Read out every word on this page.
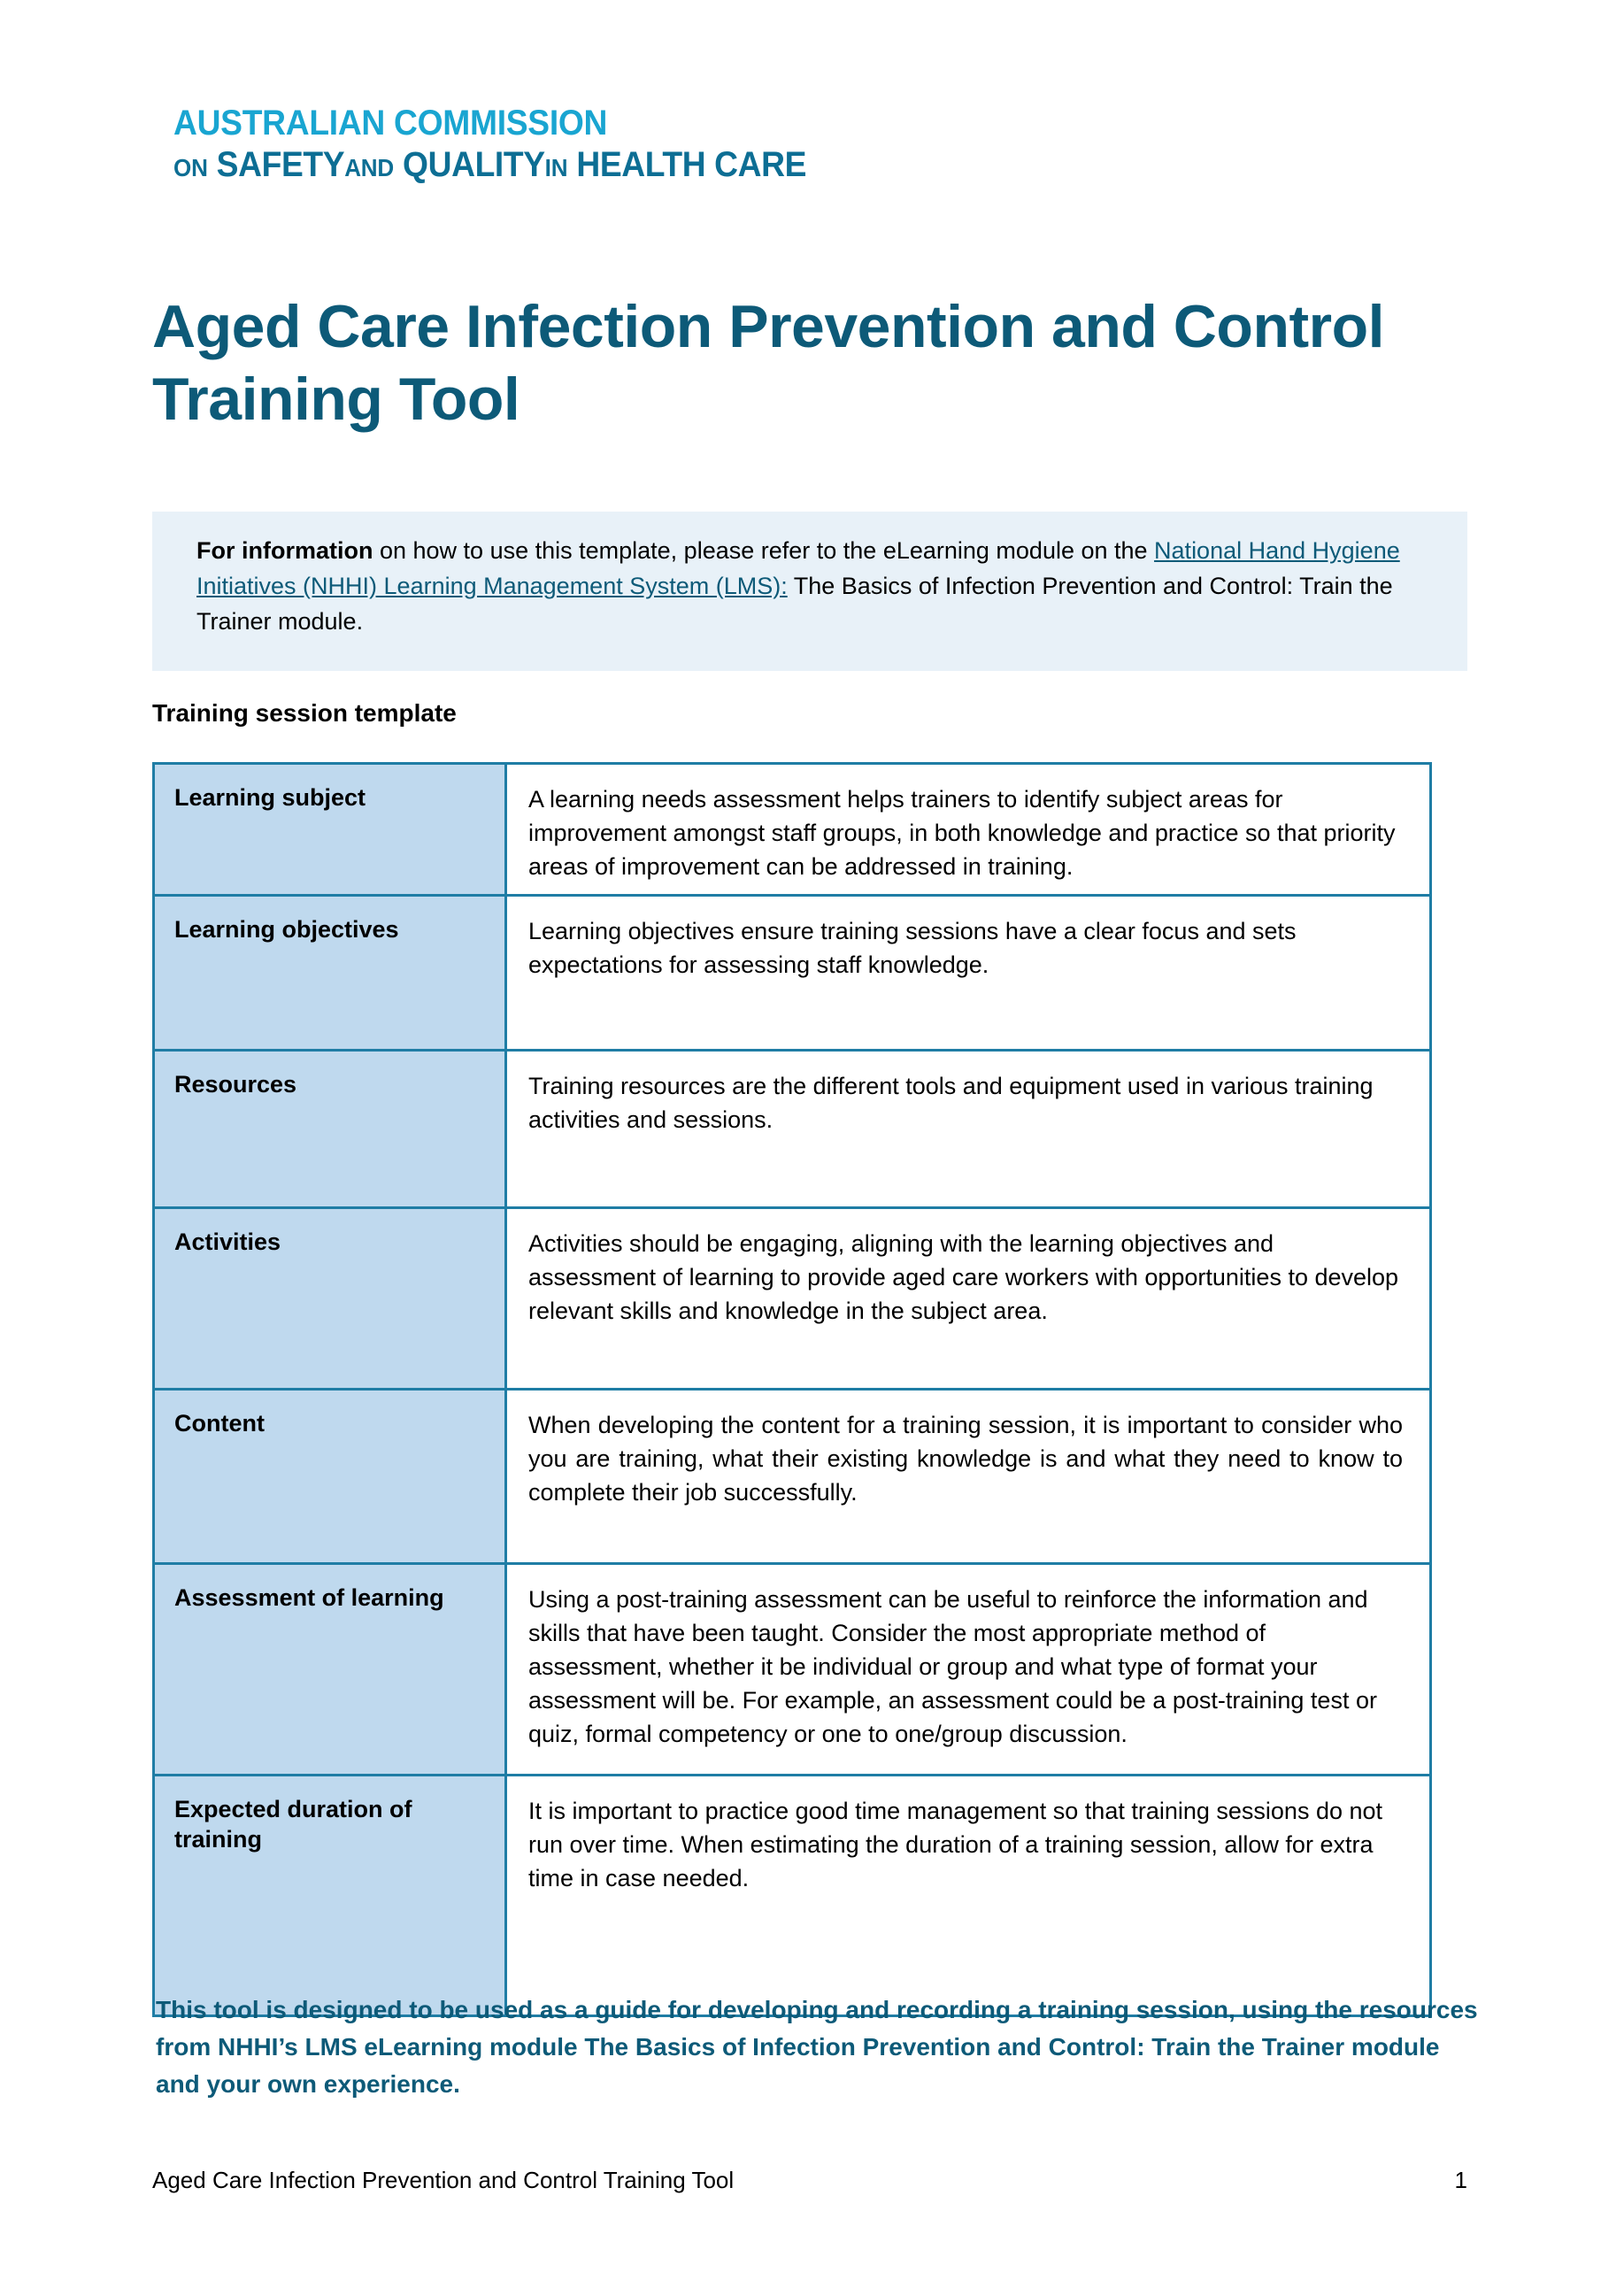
AUSTRALIAN COMMISSION
ON SAFETYAND QUALITYIN HEALTH CARE
Aged Care Infection Prevention and Control Training Tool

For information on how to use this template, please refer to the eLearning module on the National Hand Hygiene Initiatives (NHHI) Learning Management System (LMS): The Basics of Infection Prevention and Control: Train the Trainer module.

Training session template
Learning subject	A learning needs assessment helps trainers to identify subject areas for improvement amongst staff groups, in both knowledge and practice so that priority areas of improvement can be addressed in training.
Learning objectives	Learning objectives ensure training sessions have a clear focus and sets expectations for assessing staff knowledge.
Resources	Training resources are the different tools and equipment used in various training activities and sessions.
Activities	Activities should be engaging, aligning with the learning objectives and assessment of learning to provide aged care workers with opportunities to develop relevant skills and knowledge in the subject area.
Content	When developing the content for a training session, it is important to consider who you are training, what their existing knowledge is and what they need to know to complete their job successfully.
Assessment of learning	Using a post-training assessment can be useful to reinforce the information and skills that have been taught. Consider the most appropriate method of assessment, whether it be individual or group and what type of format your assessment will be. For example, an assessment could be a post-training test or quiz, formal competency or one to one/group discussion.
Expected duration of training	It is important to practice good time management so that training sessions do not run over time. When estimating the duration of a training session, allow for extra time in case needed.
This tool is designed to be used as a guide for developing and recording a training session, using the resources from NHHI’s LMS eLearning module The Basics of Infection Prevention and Control: Train the Trainer module and your own experience.
Aged Care Infection Prevention and Control Training Tool	1
